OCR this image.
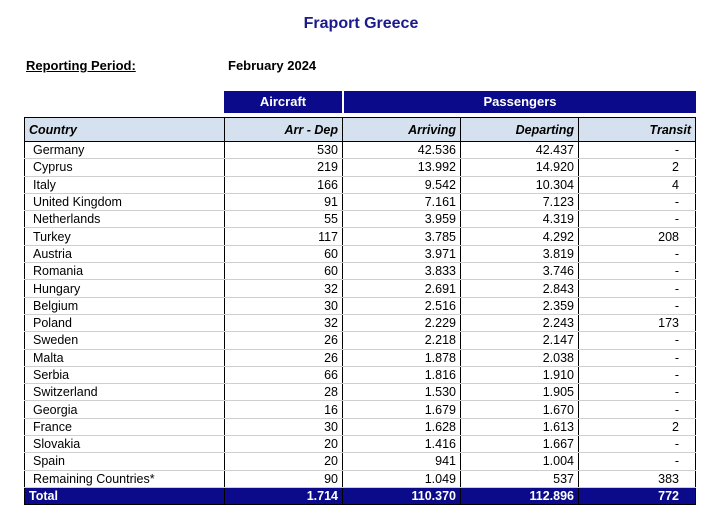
Fraport Greece
Reporting Period:	February 2024
Aircraft	Passengers
Country	Arr - Dep	Arriving	Departing	Transit
Germany	530	42.536	42.437	-
Cyprus	219	13.992	14.920	2
Italy	166	9.542	10.304	4
United Kingdom	91	7.161	7.123	-
Netherlands	55	3.959	4.319	-
Turkey	117	3.785	4.292	208
Austria	60	3.971	3.819	-
Romania	60	3.833	3.746	-
Hungary	32	2.691	2.843	-
Belgium	30	2.516	2.359	-
Poland	32	2.229	2.243	173
Sweden	26	2.218	2.147	-
Malta	26	1.878	2.038	-
Serbia	66	1.816	1.910	-
Switzerland	28	1.530	1.905	-
Georgia	16	1.679	1.670	-
France	30	1.628	1.613	2
Slovakia	20	1.416	1.667	-
Spain	20	941	1.004	-
Remaining Countries*	90	1.049	537	383
Total	1.714	110.370	112.896	772
